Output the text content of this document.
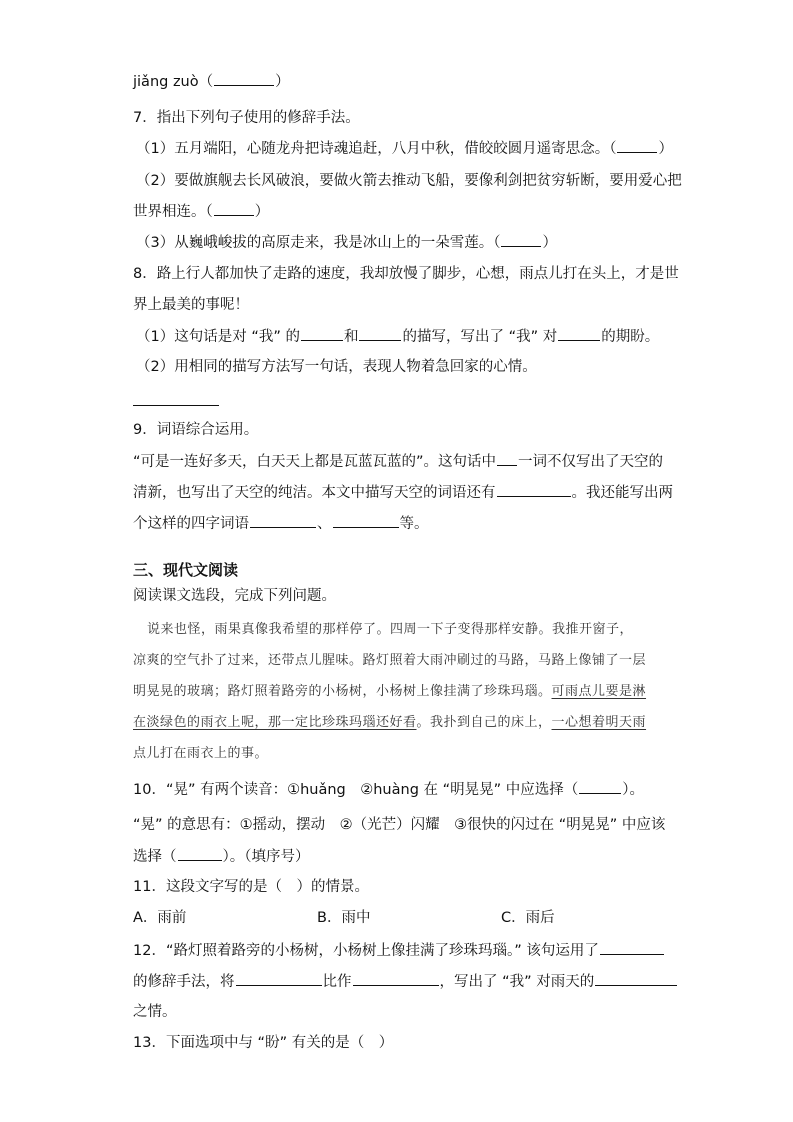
jiǎng zuò（	）
7．指出下列句子使用的修辞手法。
（1）五月端阳，心随龙舟把诗魂追赶，八月中秋，借皎皎圆月遥寄思念。（	）
（2）要做旗舰去长风破浪，要做火箭去推动飞船，要像利剑把贫穷斩断，要用爱心把
世界相连。（	）
（3）从巍峨峻拔的高原走来，我是冰山上的一朵雪莲。（	）
8．路上行人都加快了走路的速度，我却放慢了脚步，心想，雨点儿打在头上，才是世
界上最美的事呢！
（1）这句话是对 “我” 的	和	的描写，写出了 “我” 对	的期盼。
（2）用相同的描写方法写一句话，表现人物着急回家的心情。
9．词语综合运用。
“可是一连好多天，白天天上都是瓦蓝瓦蓝的”。这句话中 一词不仅写出了天空的
清新，也写出了天空的纯洁。本文中描写天空的词语还有	。我还能写出两
个这样的四字词语	、	等。
三、现代文阅读
阅读课文选段，完成下列问题。
说来也怪，雨果真像我希望的那样停了。四周一下子变得那样安静。我推开窗子，
凉爽的空气扑了过来，还带点儿腥味。路灯照着大雨冲刷过的马路，马路上像铺了一层
明晃晃的玻璃；路灯照着路旁的小杨树，小杨树上像挂满了珍珠玛瑙。可雨点儿要是淋
在淡绿色的雨衣上呢，那一定比珍珠玛瑙还好看。我扑到自己的床上，一心想着明天雨
点儿打在雨衣上的事。
10．“晃” 有两个读音：①huǎng　②huàng 在 “明晃晃” 中应选择（	）。
“晃” 的意思有：①摇动，摆动　②（光芒）闪耀　③很快的闪过在 “明晃晃” 中应该
选择（	）。（填序号）
11．这段文字写的是（　）的情景。
A．雨前	B．雨中	C．雨后
12．“路灯照着路旁的小杨树，小杨树上像挂满了珍珠玛瑙。” 该句运用了
的修辞手法，将	比作	，写出了 “我” 对雨天的
之情。
13．下面选项中与 “盼” 有关的是（　）
